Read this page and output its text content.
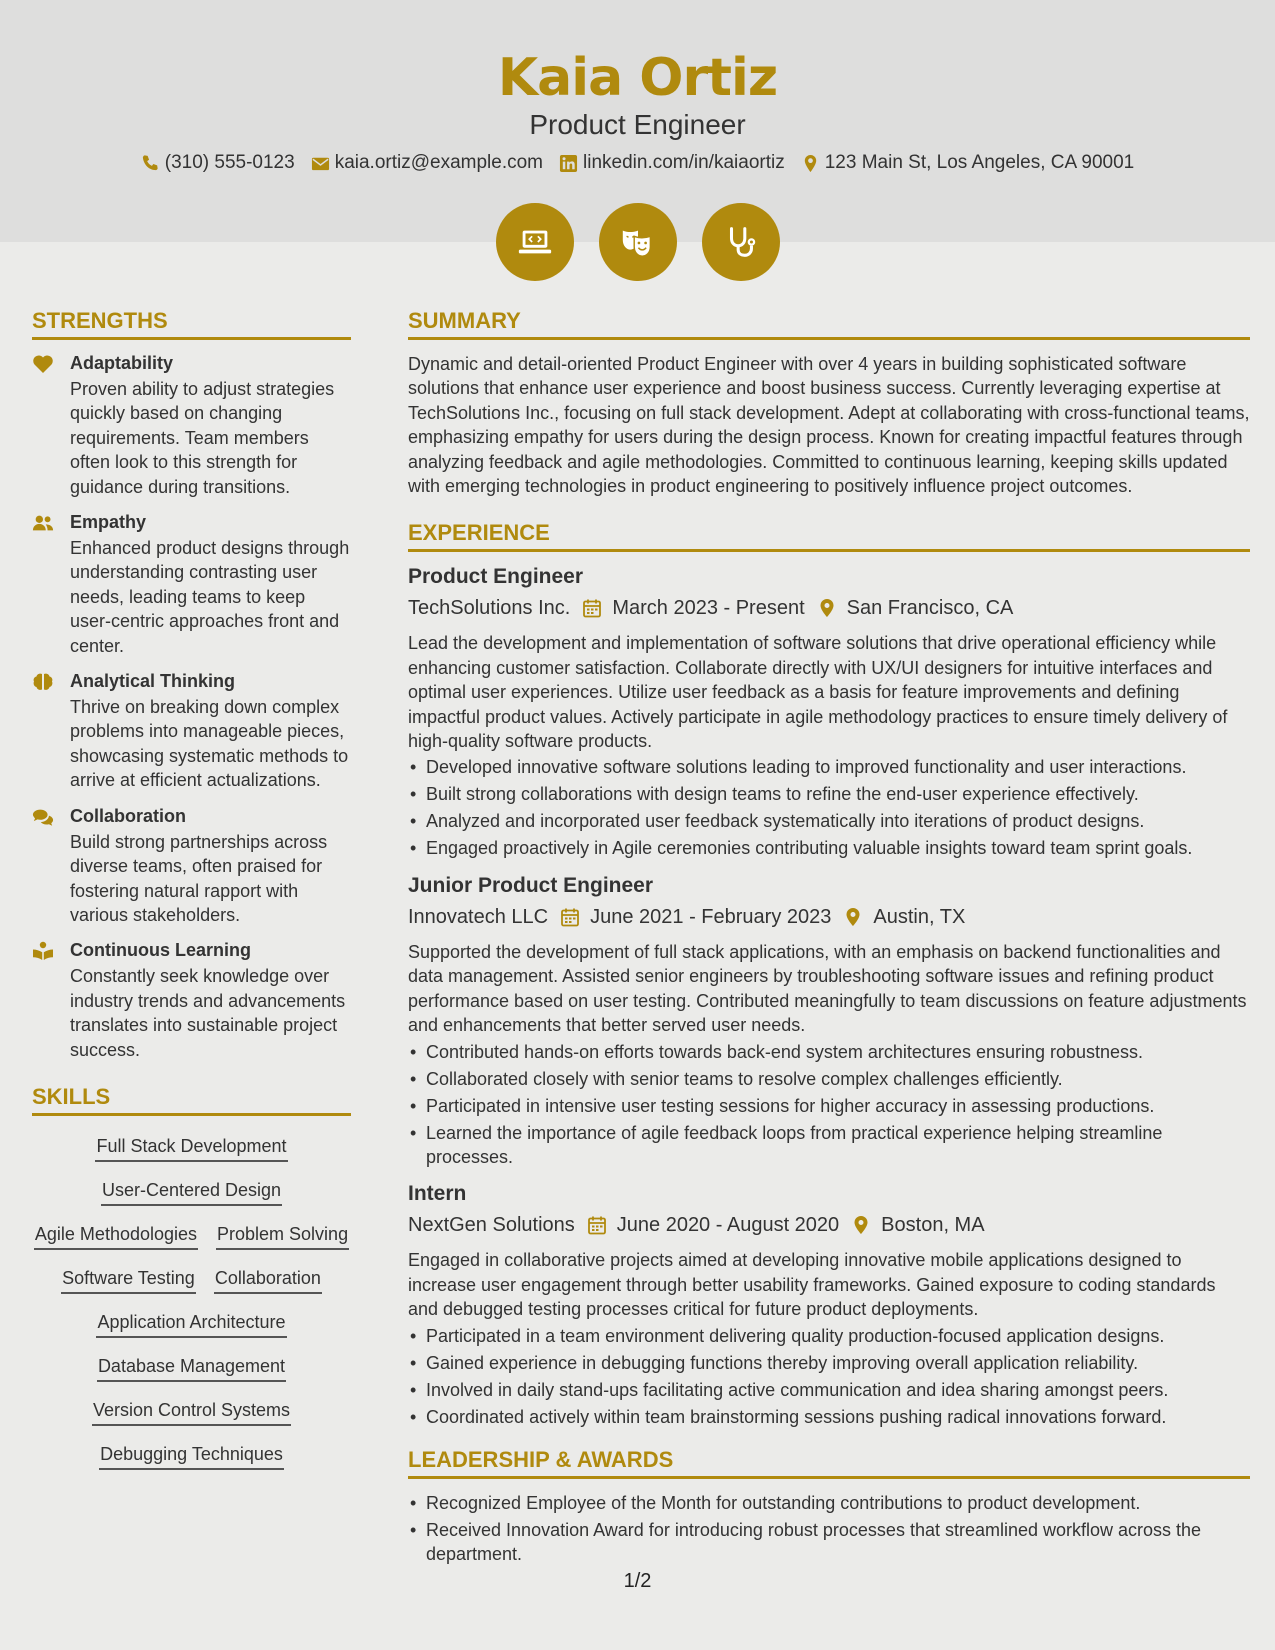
Kaia Ortiz
Product Engineer
(310) 555-0123 kaia.ortiz@example.com linkedin.com/in/kaiaortiz 123 Main St, Los Angeles, CA 90001
STRENGTHS
Adaptability
Proven ability to adjust strategies quickly based on changing requirements. Team members often look to this strength for guidance during transitions.
Empathy
Enhanced product designs through understanding contrasting user needs, leading teams to keep user-centric approaches front and center.
Analytical Thinking
Thrive on breaking down complex problems into manageable pieces, showcasing systematic methods to arrive at efficient actualizations.
Collaboration
Build strong partnerships across diverse teams, often praised for fostering natural rapport with various stakeholders.
Continuous Learning
Constantly seek knowledge over industry trends and advancements translates into sustainable project success.
SKILLS
Full Stack Development
User-Centered Design
Agile Methodologies Problem Solving
Software Testing Collaboration
Application Architecture
Database Management
Version Control Systems
Debugging Techniques
SUMMARY
Dynamic and detail-oriented Product Engineer with over 4 years in building sophisticated software solutions that enhance user experience and boost business success. Currently leveraging expertise at TechSolutions Inc., focusing on full stack development. Adept at collaborating with cross-functional teams, emphasizing empathy for users during the design process. Known for creating impactful features through analyzing feedback and agile methodologies. Committed to continuous learning, keeping skills updated with emerging technologies in product engineering to positively influence project outcomes.
EXPERIENCE
Product Engineer
TechSolutions Inc. March 2023 - Present San Francisco, CA
Lead the development and implementation of software solutions that drive operational efficiency while enhancing customer satisfaction. Collaborate directly with UX/UI designers for intuitive interfaces and optimal user experiences. Utilize user feedback as a basis for feature improvements and defining impactful product values. Actively participate in agile methodology practices to ensure timely delivery of high-quality software products.
• Developed innovative software solutions leading to improved functionality and user interactions.
• Built strong collaborations with design teams to refine the end-user experience effectively.
• Analyzed and incorporated user feedback systematically into iterations of product designs.
• Engaged proactively in Agile ceremonies contributing valuable insights toward team sprint goals.
Junior Product Engineer
Innovatech LLC June 2021 - February 2023 Austin, TX
Supported the development of full stack applications, with an emphasis on backend functionalities and data management. Assisted senior engineers by troubleshooting software issues and refining product performance based on user testing. Contributed meaningfully to team discussions on feature adjustments and enhancements that better served user needs.
• Contributed hands-on efforts towards back-end system architectures ensuring robustness.
• Collaborated closely with senior teams to resolve complex challenges efficiently.
• Participated in intensive user testing sessions for higher accuracy in assessing productions.
• Learned the importance of agile feedback loops from practical experience helping streamline processes.
Intern
NextGen Solutions June 2020 - August 2020 Boston, MA
Engaged in collaborative projects aimed at developing innovative mobile applications designed to increase user engagement through better usability frameworks. Gained exposure to coding standards and debugged testing processes critical for future product deployments.
• Participated in a team environment delivering quality production-focused application designs.
• Gained experience in debugging functions thereby improving overall application reliability.
• Involved in daily stand-ups facilitating active communication and idea sharing amongst peers.
• Coordinated actively within team brainstorming sessions pushing radical innovations forward.
LEADERSHIP & AWARDS
• Recognized Employee of the Month for outstanding contributions to product development.
• Received Innovation Award for introducing robust processes that streamlined workflow across the department.
1/2
